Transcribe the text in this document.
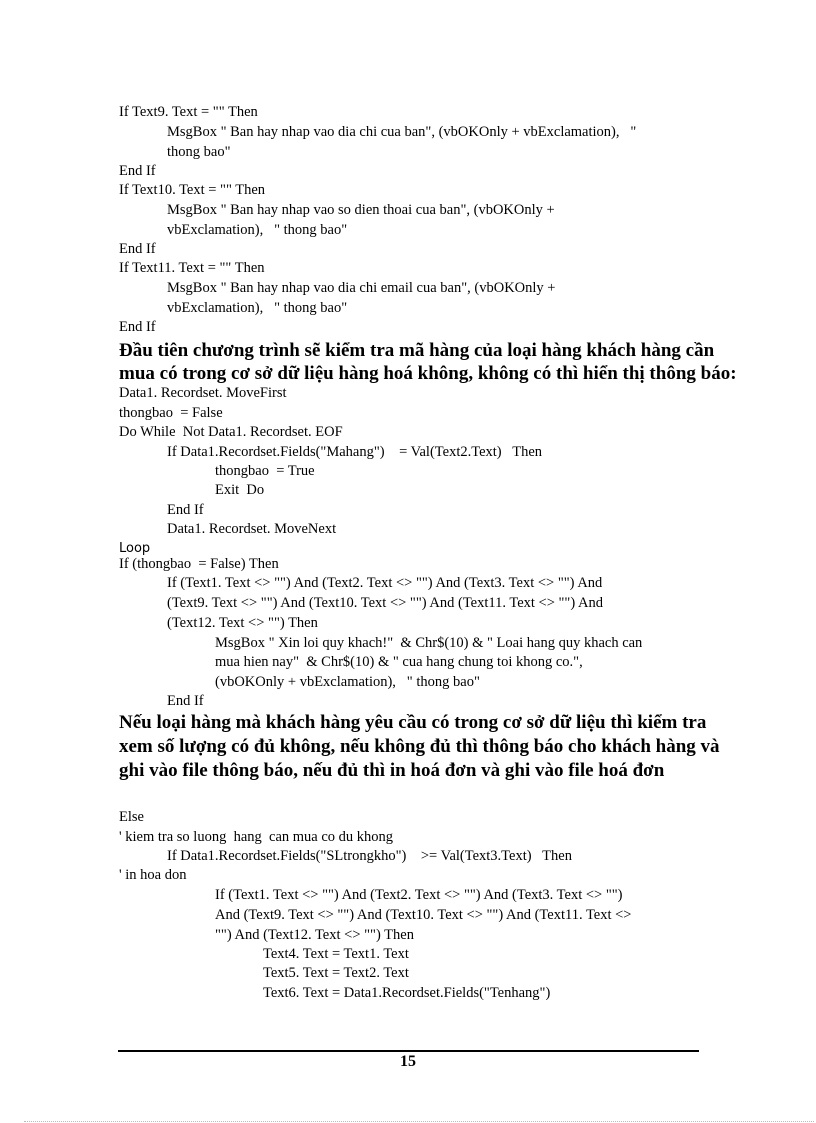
If Text9. Text = "" Then
MsgBox " Ban hay nhap vao dia chi cua ban", (vbOKOnly + vbExclamation),   "
thong bao"
End If
If Text10. Text = "" Then
MsgBox " Ban hay nhap vao so dien thoai cua ban", (vbOKOnly +
vbExclamation),   " thong bao"
End If
If Text11. Text = "" Then
MsgBox " Ban hay nhap vao dia chi email cua ban", (vbOKOnly +
vbExclamation),   " thong bao"
End If
Đầu tiên chương trình sẽ kiểm tra mã hàng của loại hàng khách hàng cần
mua có trong cơ sở dữ liệu hàng hoá không, không có thì hiển thị thông báo:
Data1. Recordset. MoveFirst
thongbao  = False
Do While  Not Data1. Recordset. EOF
If Data1.Recordset.Fields("Mahang")    = Val(Text2.Text)   Then
thongbao  = True
Exit  Do
End If
Data1. Recordset. MoveNext
Loop
If (thongbao  = False) Then
If (Text1. Text <> "") And (Text2. Text <> "") And (Text3. Text <> "") And
(Text9. Text <> "") And (Text10. Text <> "") And (Text11. Text <> "") And
(Text12. Text <> "") Then
MsgBox " Xin loi quy khach!"  & Chr$(10) & " Loai hang quy khach can
mua hien nay"  & Chr$(10) & " cua hang chung toi khong co.",
(vbOKOnly + vbExclamation),   " thong bao"
End If
Nếu loại hàng mà khách hàng yêu cầu có trong cơ sở dữ liệu thì kiểm tra
xem số lượng có đủ không, nếu không đủ thì thông báo cho khách hàng và
ghi vào file thông báo, nếu đủ thì in hoá đơn và ghi vào file hoá đơn
Else
' kiem tra so luong  hang  can mua co du khong
If Data1.Recordset.Fields("SLtrongkho")    >= Val(Text3.Text)   Then
' in hoa don
If (Text1. Text <> "") And (Text2. Text <> "") And (Text3. Text <> "")
And (Text9. Text <> "") And (Text10. Text <> "") And (Text11. Text <>
"") And (Text12. Text <> "") Then
Text4. Text = Text1. Text
Text5. Text = Text2. Text
Text6. Text = Data1.Recordset.Fields("Tenhang")
15
